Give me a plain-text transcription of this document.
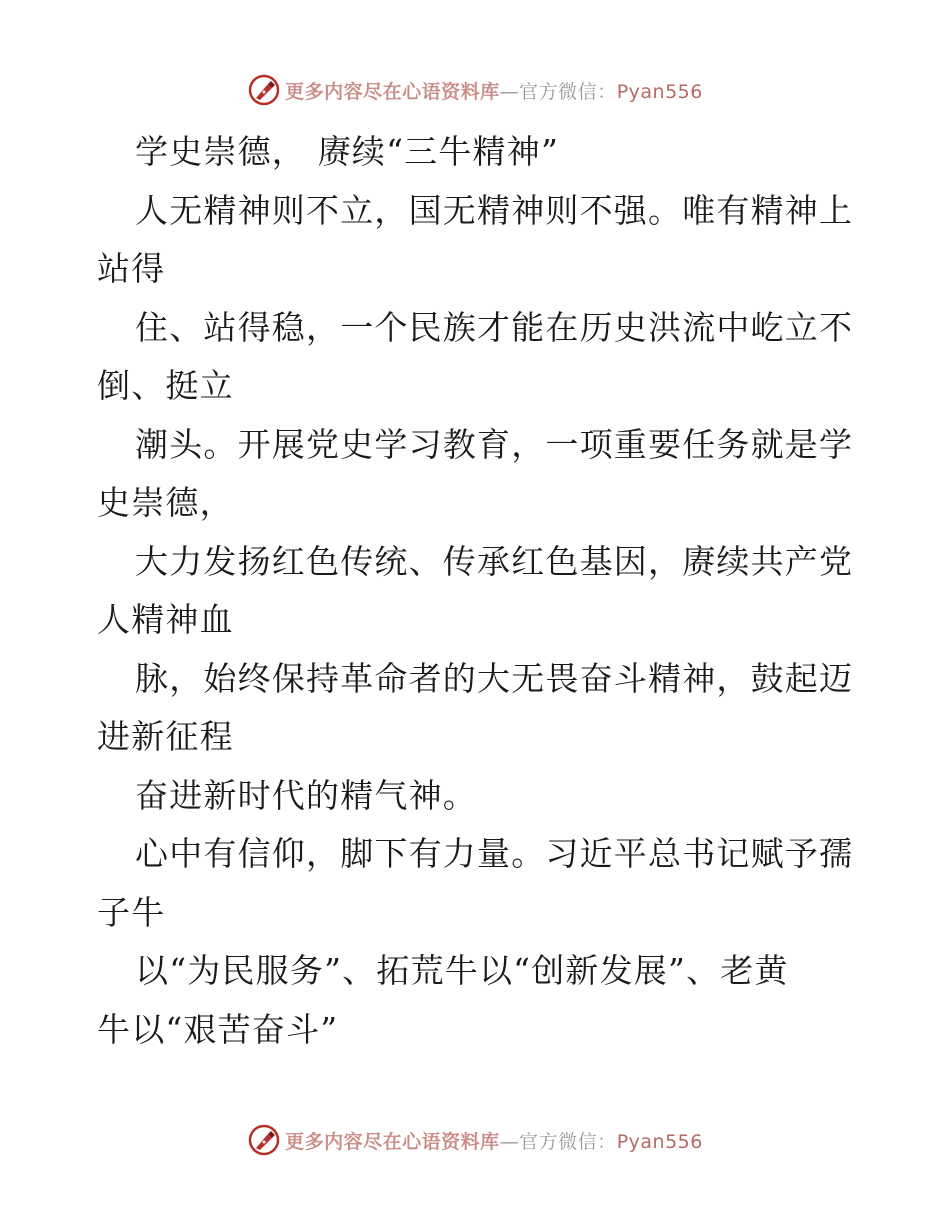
更多内容尽在心语资料库—官方微信：Pyan556
学史崇德， 赓续“三牛精神”
人无精神则不立，国无精神则不强。唯有精神上
站得
住、站得稳，一个民族才能在历史洪流中屹立不
倒、挺立
潮头。开展党史学习教育，一项重要任务就是学
史崇德，
大力发扬红色传统、传承红色基因，赓续共产党
人精神血
脉，始终保持革命者的大无畏奋斗精神，鼓起迈
进新征程
奋进新时代的精气神。
心中有信仰，脚下有力量。习近平总书记赋予孺
子牛
以“为民服务”、拓荒牛以“创新发展”、老黄
牛以“艰苦奋斗”
更多内容尽在心语资料库—官方微信：Pyan556
